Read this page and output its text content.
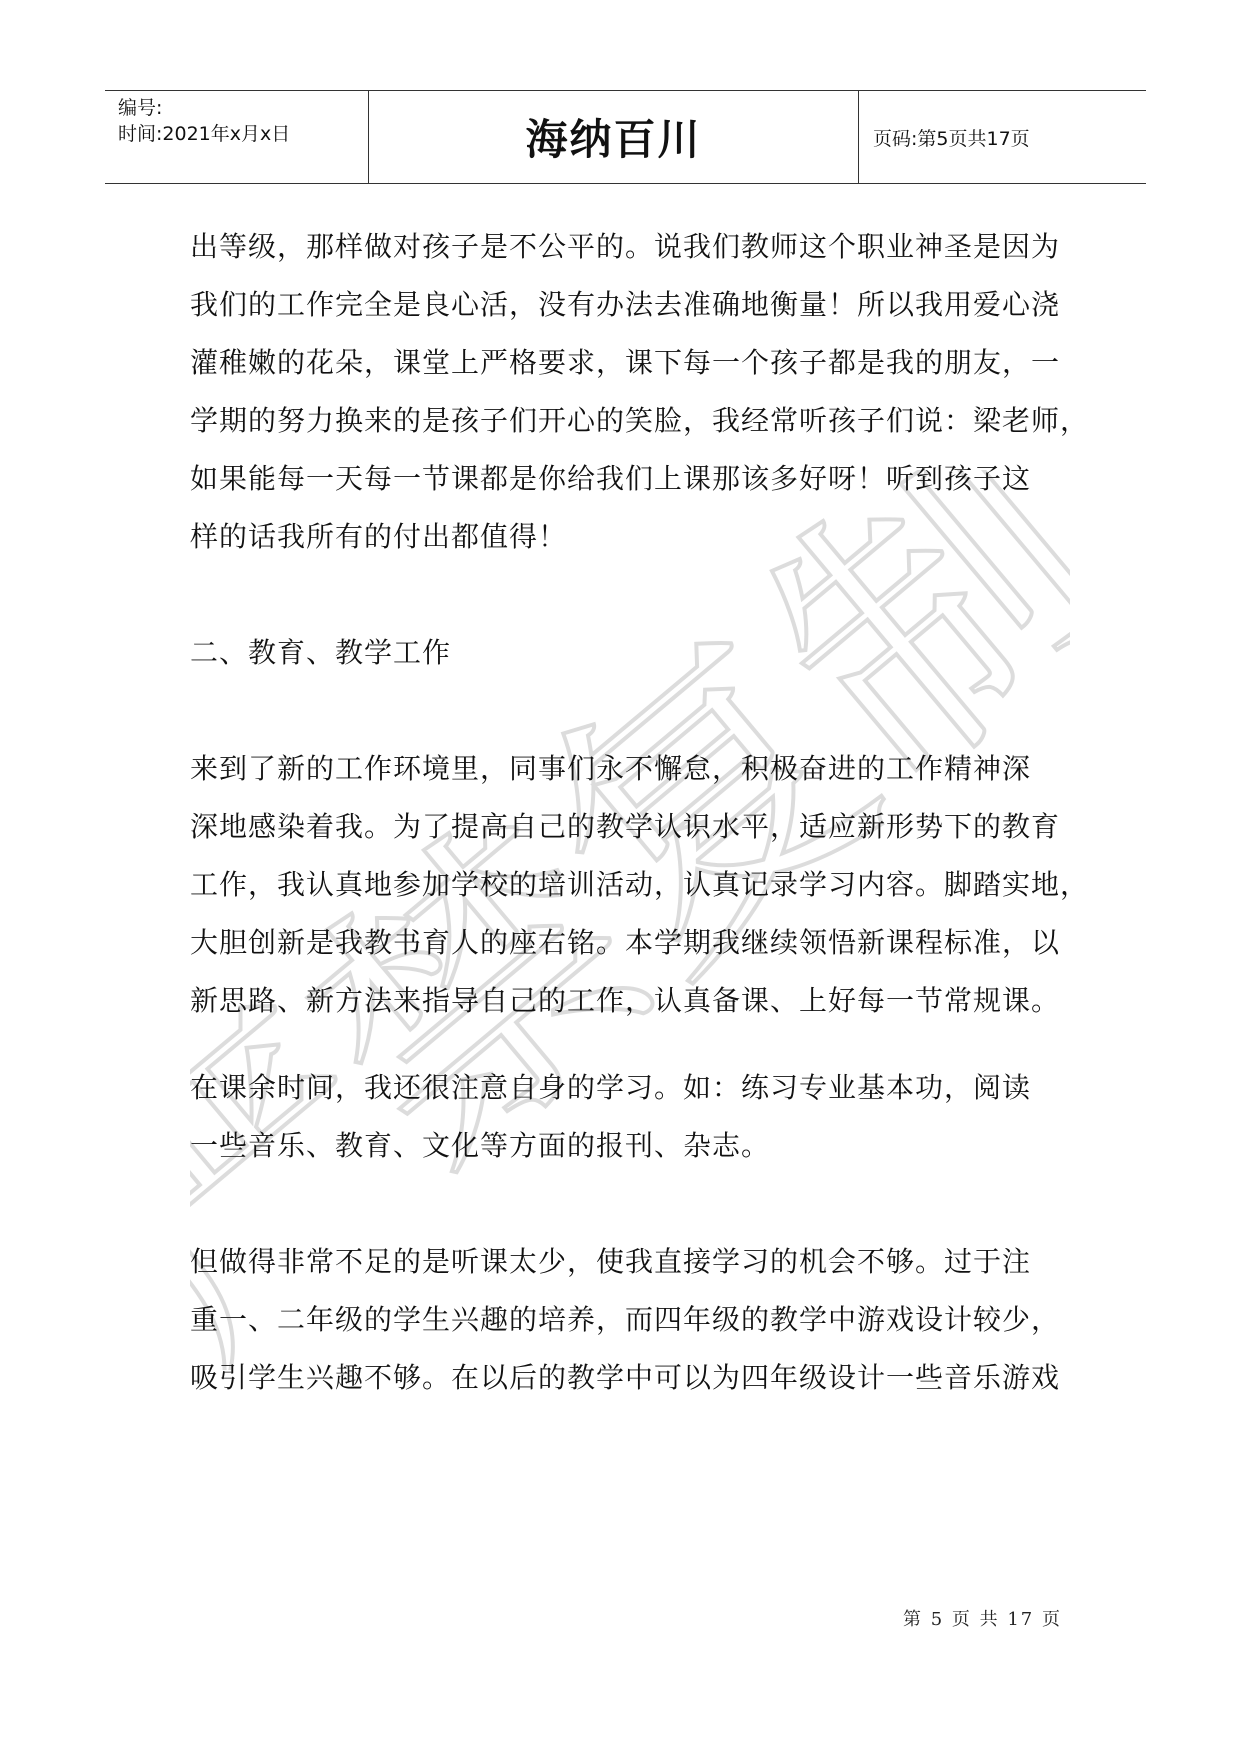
编号:
时间:2021年x月x日	海纳百川	页码:第5页共17页
严禁复制
出等级，那样做对孩子是不公平的。说我们教师这个职业神圣是因为
我们的工作完全是良心活，没有办法去准确地衡量！所以我用爱心浇
灌稚嫩的花朵，课堂上严格要求，课下每一个孩子都是我的朋友，一
学期的努力换来的是孩子们开心的笑脸，我经常听孩子们说：梁老师，
如果能每一天每一节课都是你给我们上课那该多好呀！听到孩子这
样的话我所有的付出都值得！
二、教育、教学工作
来到了新的工作环境里，同事们永不懈怠，积极奋进的工作精神深
深地感染着我。为了提高自己的教学认识水平，适应新形势下的教育
工作，我认真地参加学校的培训活动，认真记录学习内容。脚踏实地，
大胆创新是我教书育人的座右铭。本学期我继续领悟新课程标准，以
新思路、新方法来指导自己的工作，认真备课、上好每一节常规课。
在课余时间，我还很注意自身的学习。如：练习专业基本功，阅读
一些音乐、教育、文化等方面的报刊、杂志。
但做得非常不足的是听课太少，使我直接学习的机会不够。过于注
重一、二年级的学生兴趣的培养，而四年级的教学中游戏设计较少，
吸引学生兴趣不够。在以后的教学中可以为四年级设计一些音乐游戏
第 5 页 共 17 页
